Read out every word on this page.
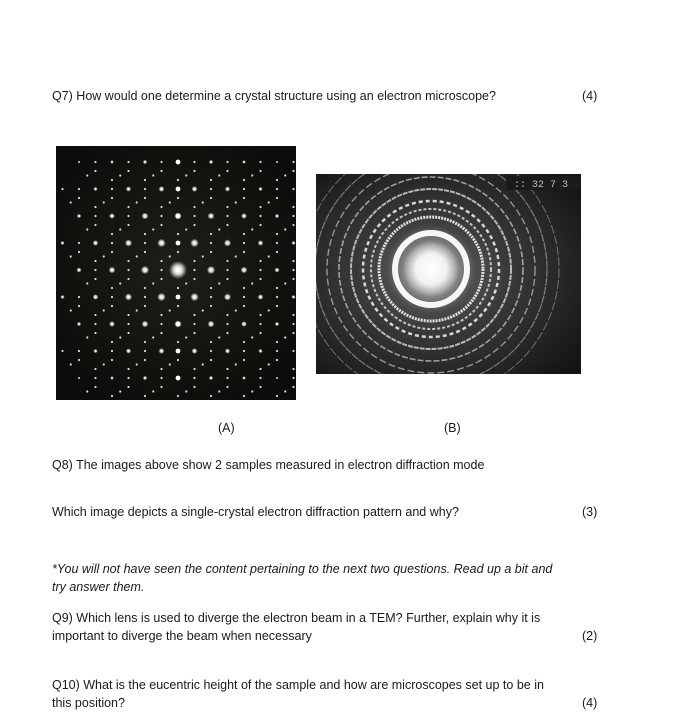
Q7) How would one determine a crystal structure using an electron microscope?	(4)
:: 32 7 3
(A)	(B)
Q8) The images above show 2 samples measured in electron diffraction mode
Which image depicts a single-crystal electron diffraction pattern and why?	(3)
*You will not have seen the content pertaining to the next two questions. Read up a bit and
try answer them.
Q9) Which lens is used to diverge the electron beam in a TEM? Further, explain why it is
important to diverge the beam when necessary	(2)
Q10) What is the eucentric height of the sample and how are microscopes set up to be in
this position?	(4)
